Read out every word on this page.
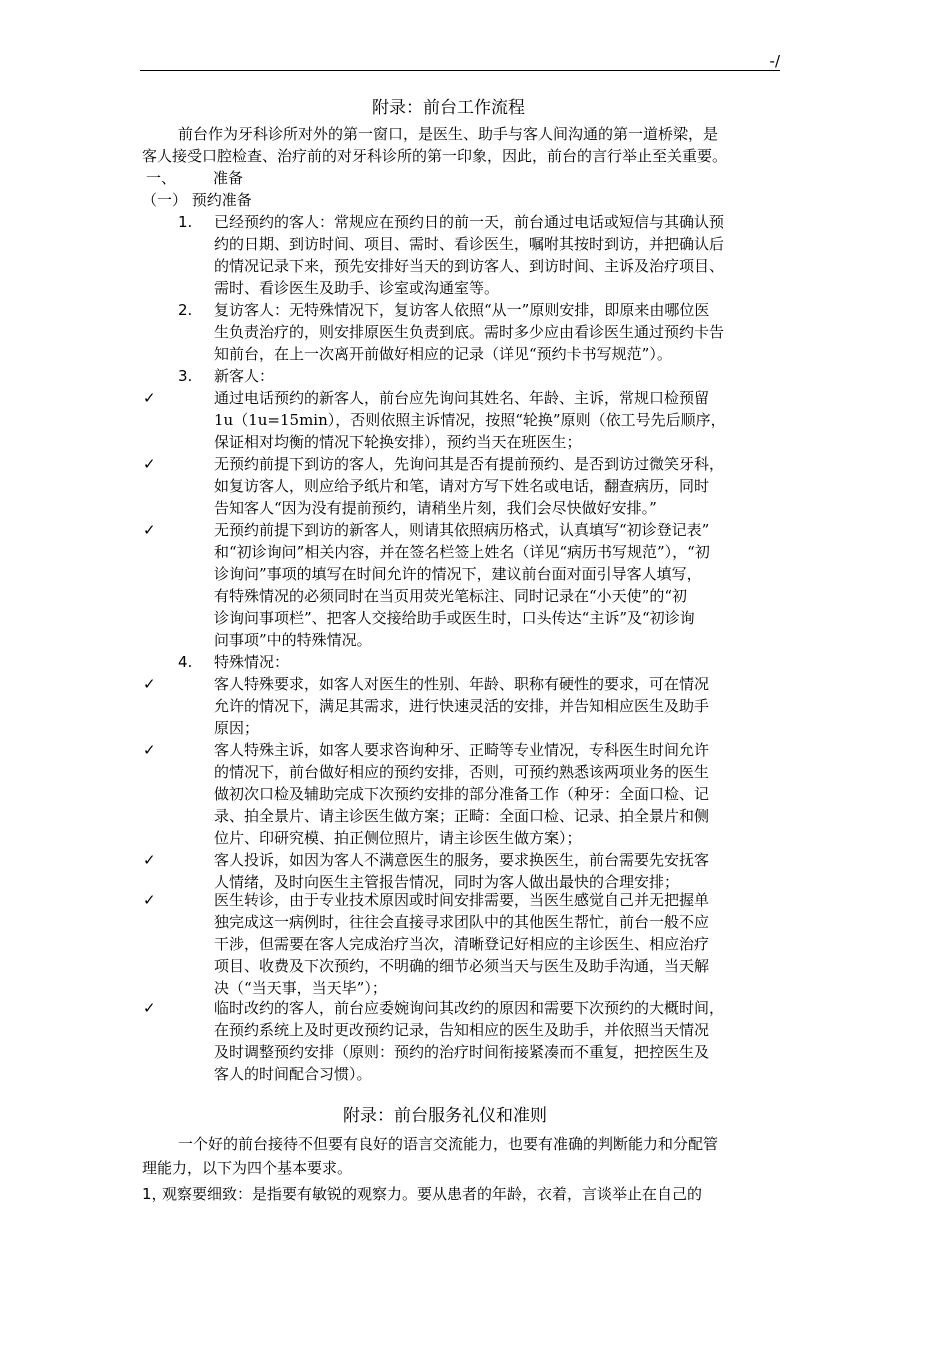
-/
附录：前台工作流程
前台作为牙科诊所对外的第一窗口，是医生、助手与客人间沟通的第一道桥梁，是
客人接受口腔检查、治疗前的对牙科诊所的第一印象，因此，前台的言行举止至关重要。
一、 准备
（一） 预约准备
1. 已经预约的客人：常规应在预约日的前一天，前台通过电话或短信与其确认预
约的日期、到访时间、项目、需时、看诊医生，嘱咐其按时到访，并把确认后
的情况记录下来，预先安排好当天的到访客人、到访时间、主诉及治疗项目、
需时、看诊医生及助手、诊室或沟通室等。
2. 复访客人：无特殊情况下，复访客人依照“从一”原则安排，即原来由哪位医
生负责治疗的，则安排原医生负责到底。需时多少应由看诊医生通过预约卡告
知前台，在上一次离开前做好相应的记录（详见“预约卡书写规范”）。
3. 新客人：
✓	通过电话预约的新客人，前台应先询问其姓名、年龄、主诉，常规口检预留
1u（1u=15min），否则依照主诉情况，按照“轮换”原则（依工号先后顺序，
保证相对均衡的情况下轮换安排），预约当天在班医生；
✓	无预约前提下到访的客人，先询问其是否有提前预约、是否到访过微笑牙科，
如复访客人，则应给予纸片和笔，请对方写下姓名或电话，翻查病历，同时
告知客人“因为没有提前预约，请稍坐片刻，我们会尽快做好安排。”
✓	无预约前提下到访的新客人，则请其依照病历格式，认真填写“初诊登记表”
和“初诊询问”相关内容，并在签名栏签上姓名（详见“病历书写规范”），“初
诊询问”事项的填写在时间允许的情况下，建议前台面对面引导客人填写，
有特殊情况的必须同时在当页用荧光笔标注、同时记录在“小天使”的“初
诊询问事项栏”、把客人交接给助手或医生时，口头传达“主诉”及“初诊询
问事项”中的特殊情况。
4. 特殊情况：
✓	客人特殊要求，如客人对医生的性别、年龄、职称有硬性的要求，可在情况
允许的情况下，满足其需求，进行快速灵活的安排，并告知相应医生及助手
原因；
✓	客人特殊主诉，如客人要求咨询种牙、正畸等专业情况，专科医生时间允许
的情况下，前台做好相应的预约安排，否则，可预约熟悉该两项业务的医生
做初次口检及辅助完成下次预约安排的部分准备工作（种牙：全面口检、记
录、拍全景片、请主诊医生做方案；正畸：全面口检、记录、拍全景片和侧
位片、印研究模、拍正侧位照片，请主诊医生做方案）；
✓	客人投诉，如因为客人不满意医生的服务，要求换医生，前台需要先安抚客
人情绪，及时向医生主管报告情况，同时为客人做出最快的合理安排；
✓	医生转诊，由于专业技术原因或时间安排需要，当医生感觉自己并无把握单
独完成这一病例时，往往会直接寻求团队中的其他医生帮忙，前台一般不应
干涉，但需要在客人完成治疗当次，清晰登记好相应的主诊医生、相应治疗
项目、收费及下次预约，不明确的细节必须当天与医生及助手沟通，当天解
决（“当天事，当天毕”）；
✓	临时改约的客人，前台应委婉询问其改约的原因和需要下次预约的大概时间，
在预约系统上及时更改预约记录，告知相应的医生及助手，并依照当天情况
及时调整预约安排（原则：预约的治疗时间衔接紧凑而不重复，把控医生及
客人的时间配合习惯）。
附录：前台服务礼仪和准则
一个好的前台接待不但要有良好的语言交流能力，也要有准确的判断能力和分配管
理能力，以下为四个基本要求。
1，
观察要细致：是指要有敏锐的观察力。要从患者的年龄，衣着，言谈举止在自己的
